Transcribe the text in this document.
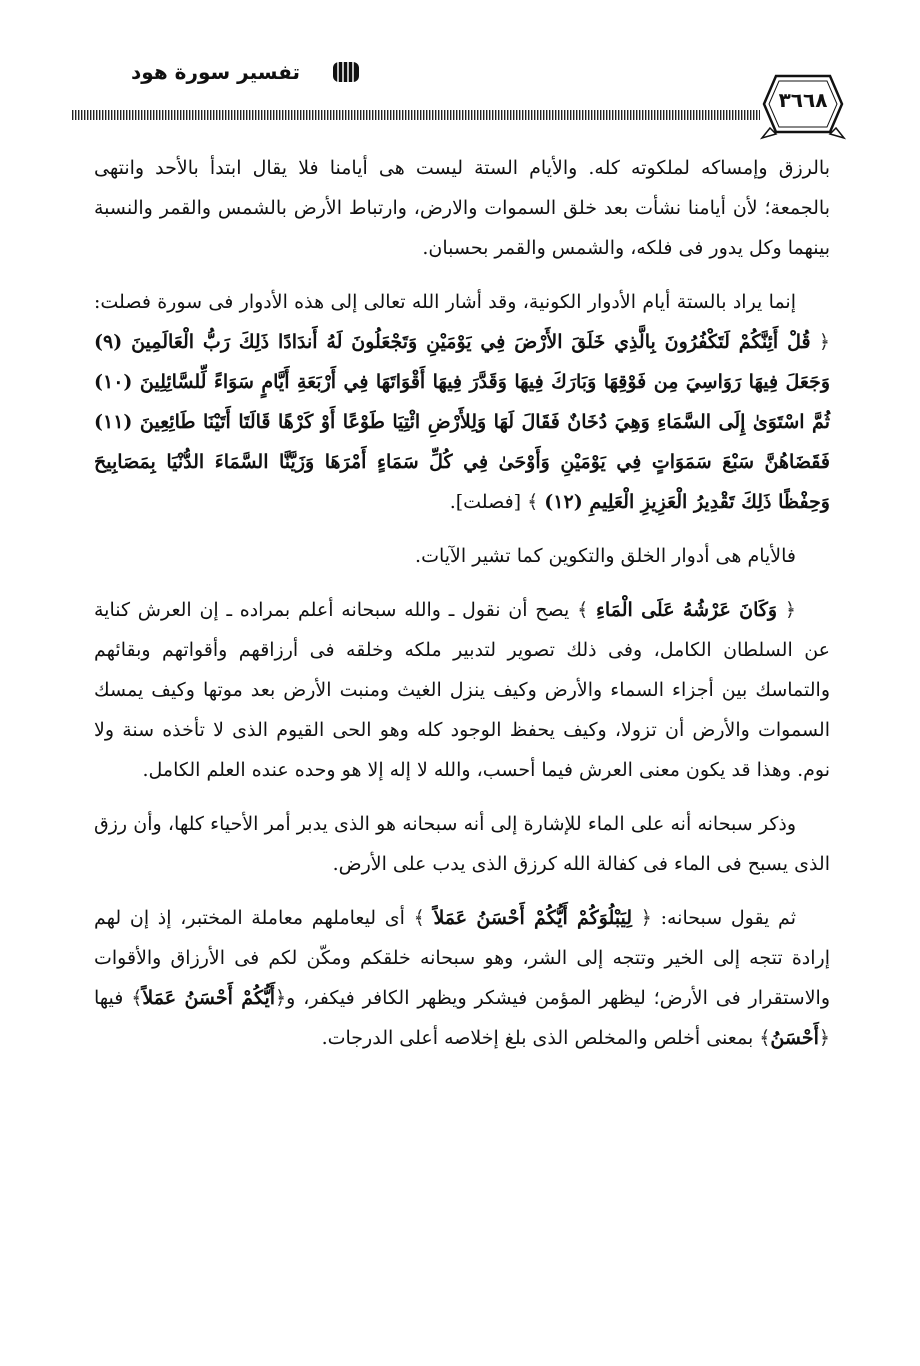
تفسير سورة هود
٣٦٦٨

بالرزق وإمساكه لملكوته كله. والأيام الستة ليست هى أيامنا فلا يقال ابتدأ بالأحد وانتهى بالجمعة؛ لأن أيامنا نشأت بعد خلق السموات والارض، وارتباط الأرض بالشمس والقمر والنسبة بينهما وكل يدور فى فلكه، والشمس والقمر بحسبان.

إنما يراد بالستة أيام الأدوار الكونية، وقد أشار الله تعالى إلى هذه الأدوار فى سورة فصلت: ﴿ قُلْ أَئِنَّكُمْ لَتَكْفُرُونَ بِالَّذِي خَلَقَ الأَرْضَ فِي يَوْمَيْنِ وَتَجْعَلُونَ لَهُ أَندَادًا ذَلِكَ رَبُّ الْعَالَمِينَ (٩) وَجَعَلَ فِيهَا رَوَاسِيَ مِن فَوْقِهَا وَبَارَكَ فِيهَا وَقَدَّرَ فِيهَا أَقْوَاتَهَا فِي أَرْبَعَةِ أَيَّامٍ سَوَاءً لِّلسَّائِلِينَ (١٠) ثُمَّ اسْتَوَىٰ إِلَى السَّمَاءِ وَهِيَ دُخَانٌ فَقَالَ لَهَا وَلِلأَرْضِ ائْتِيَا طَوْعًا أَوْ كَرْهًا قَالَتَا أَتَيْنَا طَائِعِينَ (١١) فَقَضَاهُنَّ سَبْعَ سَمَوَاتٍ فِي يَوْمَيْنِ وَأَوْحَىٰ فِي كُلِّ سَمَاءٍ أَمْرَهَا وَزَيَّنَّا السَّمَاءَ الدُّنْيَا بِمَصَابِيحَ وَحِفْظًا ذَلِكَ تَقْدِيرُ الْعَزِيزِ الْعَلِيمِ (١٢) ﴾ [فصلت].

فالأيام هى أدوار الخلق والتكوين كما تشير الآيات.

﴿ وَكَانَ عَرْشُهُ عَلَى الْمَاءِ ﴾ يصح أن نقول ـ والله سبحانه أعلم بمراده ـ إن العرش كناية عن السلطان الكامل، وفى ذلك تصوير لتدبير ملكه وخلقه فى أرزاقهم وأقواتهم وبقائهم والتماسك بين أجزاء السماء والأرض وكيف ينزل الغيث ومنبت الأرض بعد موتها وكيف يمسك السموات والأرض أن تزولا، وكيف يحفظ الوجود كله وهو الحى القيوم الذى لا تأخذه سنة ولا نوم. وهذا قد يكون معنى العرش فيما أحسب، والله لا إله إلا هو وحده عنده العلم الكامل.

وذكر سبحانه أنه على الماء للإشارة إلى أنه سبحانه هو الذى يدبر أمر الأحياء كلها، وأن رزق الذى يسبح فى الماء فى كفالة الله كرزق الذى يدب على الأرض.

ثم يقول سبحانه: ﴿ لِيَبْلُوَكُمْ أَيُّكُمْ أَحْسَنُ عَمَلاً ﴾ أى ليعاملهم معاملة المختبر، إذ إن لهم إرادة تتجه إلى الخير وتتجه إلى الشر، وهو سبحانه خلقكم ومكّن لكم فى الأرزاق والأقوات والاستقرار فى الأرض؛ ليظهر المؤمن فيشكر ويظهر الكافر فيكفر، و﴿أَيُّكُمْ أَحْسَنُ عَمَلاً﴾ فيها ﴿أَحْسَنُ﴾ بمعنى أخلص والمخلص الذى بلغ إخلاصه أعلى الدرجات.
